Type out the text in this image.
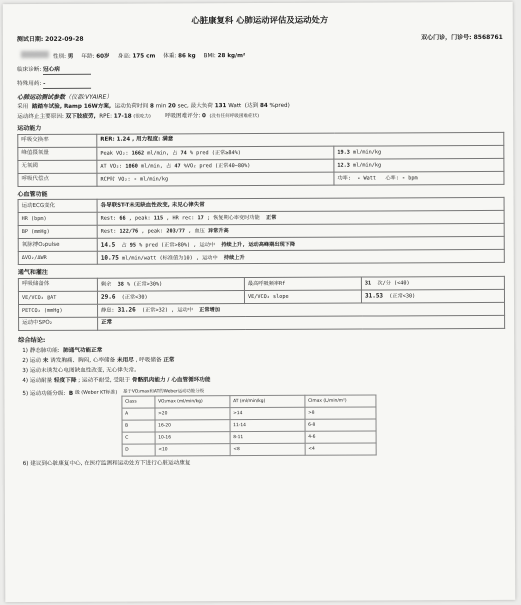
心脏康复科 心肺运动评估及运动处方
测试日期: 2022-09-28	双心门诊，门诊号: 8568761
性别:
男 年龄:
60岁 身高:
175 cm 体重:
86 kg BMI:
28 kg/m²
临床诊断:
冠心病
特殊用药:
-
心肺运动测试参数 （仪器:VYAIRE）
采用
踏踏车试验, Ramp 16W方案,
运动负荷时间
8
min
20
sec, 最大负荷
131
Watt
(达到
84
%pred)
运动终止主要原因:
双下肢疲劳,
RPE:
17-18
(很吃力) 呼吸困难评分:
0
(没有任何呼吸困难症状)
运动能力
呼吸交换率	RER: 1.24 , 用力程度: 满意	
峰值摄氧量	Peak VO₂: 1662 ml/min, 占 74 % pred (正常≥84%)	19.3 ml/min/kg
无氧阈	AT VO₂: 1060 ml/min, 占 47 %VO₂ pred (正常40~80%)	12.3 ml/min/kg
呼吸代偿点	RCP时 VO₂: - ml/min/kg	功率: - Watt 心率: - bpm
心血管功能
运动ECG变化	各导联ST-T未见缺血性改变, 未见心律失常
HR (bpm)	Rest: 66 , peak: 115 , HR rec: 17 ; 恢复期心率变时功能 正常
BP (mmHg)	Rest: 122/76 , peak: 203/77 , 血压 异常升高
氧脉搏O₂pulse	14.5 占 95 % pred (正常>80%) , 运动中 持续上升, 运动高峰期出现下降
ΔVO₂/ΔWR	10.75 ml/min/watt (标准值为10) , 运动中 持续上升
通气和灌注
呼吸储备体	剩余 38 % (正常>30%)	最高呼吸频率Rf	31 次/分 (<40)
VE/VCO₂ @AT	29.6 (正常<30)	VE/VCO₂ slope	31.53 (正常<30)
PETCO₂ (mmHg)	静息: 31.26 (正常>32) , 运动中 正常增加		
运动中SPO₂	正常		
综合结论:
1) 静态肺功能:
肺通气功能正常
2) 运动
未
诱发胸痛、胸闷, 心率储备
未用尽
, 呼吸储备
正常
3) 运动未诱发心电图缺血性改变, 无心律失常。
4) 运动耐量
轻度下降
; 运动不耐受, 受限于
骨骼肌肉能力
/ 心血管循环功能
5) 运动功能分级:
B
级 (Weber KT标准)
基于VO₂max和AT的Weber运动功能分级
Class	VO₂max (ml/min/kg)	AT (ml/min/kg)	CImax (L/min/m²)
A	>20	>14	>8
B	16-20	11-14	6-8
C	10-16	8-11	4-6
D	<10	<8	<4
6) 建议到心脏康复中心, 在医疗监测和运动处方下进行心脏运动康复
